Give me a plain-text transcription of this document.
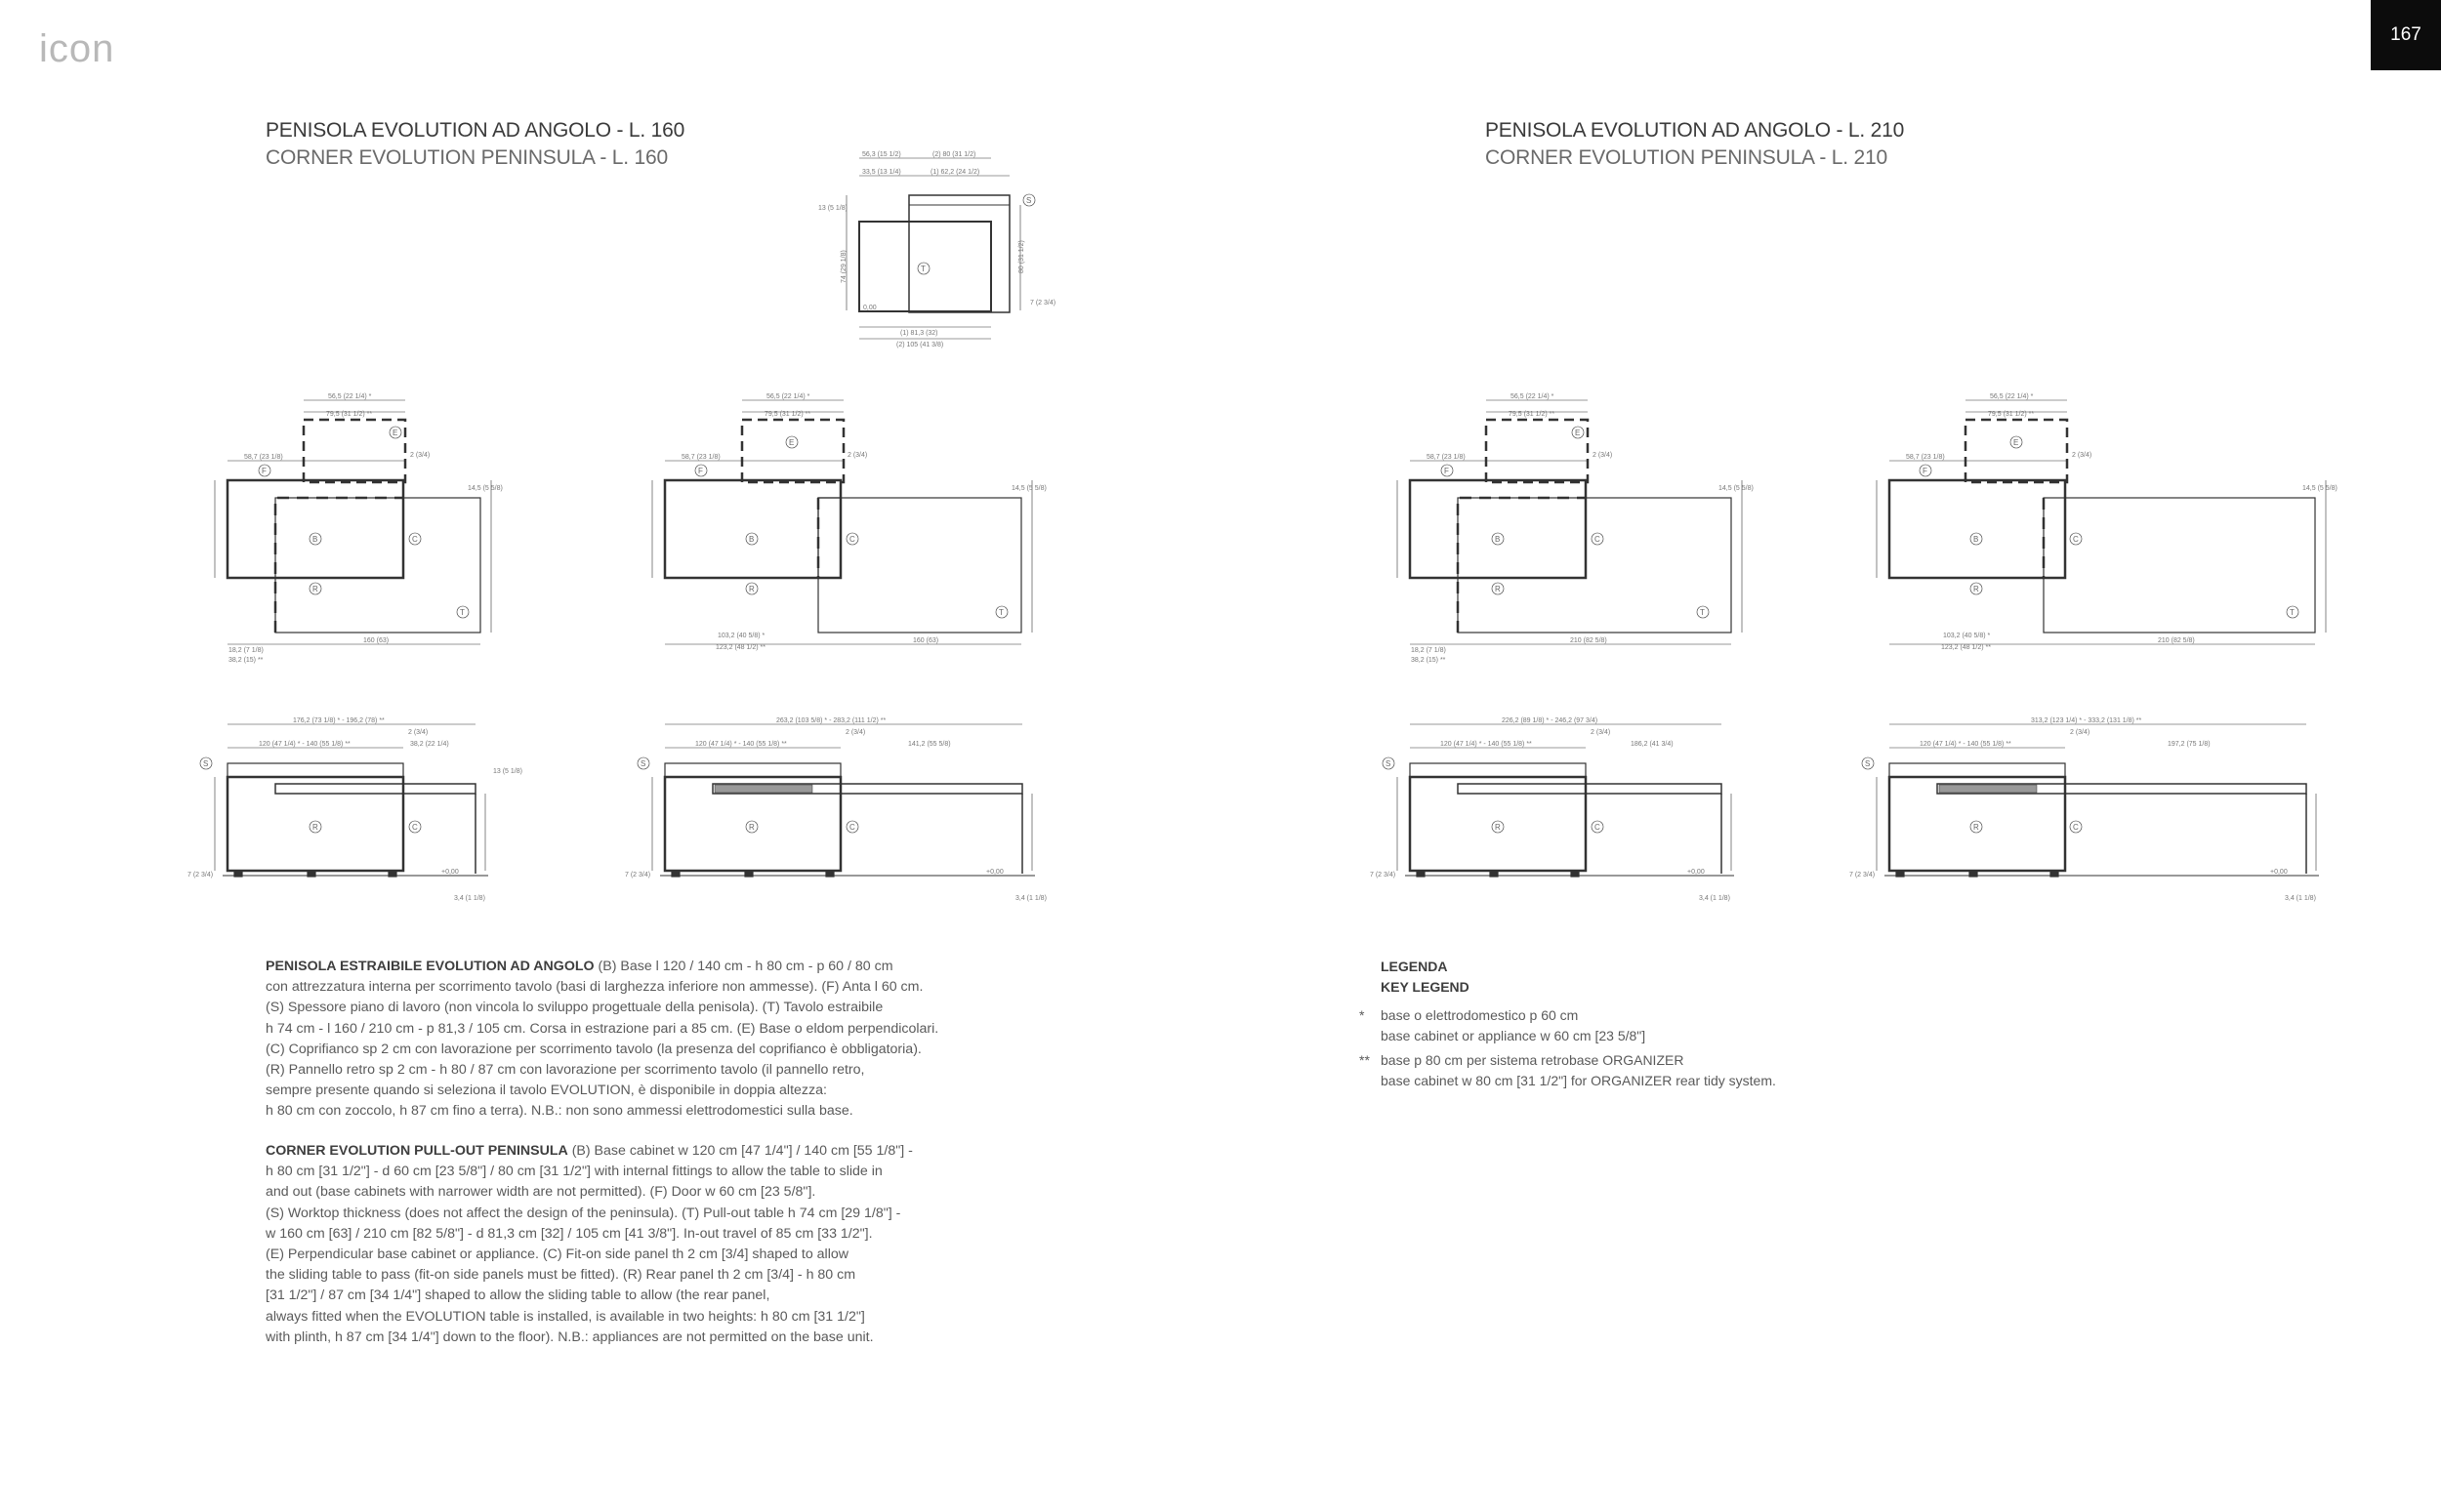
icon	167
PENISOLA EVOLUTION AD ANGOLO - L. 160
CORNER EVOLUTION PENINSULA - L. 160
PENISOLA EVOLUTION AD ANGOLO - L. 210
CORNER EVOLUTION PENINSULA - L. 210
56,3 (15 1/2)	(2) 80 (31 1/2)
33,5 (13 1/4)	(1) 62,2 (24 1/2)
13 (5 1/8)
7 (2 3/4)
(1) 81,3 (32)
(2) 105 (41 3/8)
0,00
74 (29 1/8)	80 (31 1/2)
T
S
E
F
B	C
R
T
E
F
B	C
R
T
E
F
B	C
R
T
E
F
B	C
R
T
56,5 (22 1/4) *
79,5 (31 1/2) **
58,7 (23 1/8)	2 (3/4)
14,5 (5 5/8)
18,2 (7 1/8)
38,2 (15) **
160 (63)
56,5 (22 1/4) *
79,5 (31 1/2) **
58,7 (23 1/8)	2 (3/4)
14,5 (5 5/8)
103,2 (40 5/8) *
123,2 (48 1/2) **
160 (63)
56,5 (22 1/4) *
79,5 (31 1/2) **
58,7 (23 1/8)	2 (3/4)
14,5 (5 5/8)
18,2 (7 1/8)
38,2 (15) **
210 (82 5/8)
56,5 (22 1/4) *
79,5 (31 1/2) **
58,7 (23 1/8)	2 (3/4)
14,5 (5 5/8)
103,2 (40 5/8) *
123,2 (48 1/2) **
210 (82 5/8)
S
R	C
S
R	C
S
R	C
S
R	C
176,2 (73 1/8) * - 196,2 (78) **
120 (47 1/4) * - 140 (55 1/8) **
2 (3/4)
38,2 (22 1/4)
13 (5 1/8)
+0,00
3,4 (1 1/8)
7 (2 3/4)
263,2 (103 5/8) * - 283,2 (111 1/2) **
120 (47 1/4) * - 140 (55 1/8) **
2 (3/4)
141,2 (55 5/8)
+0,00
3,4 (1 1/8)
7 (2 3/4)
226,2 (89 1/8) * - 246,2 (97 3/4)
120 (47 1/4) * - 140 (55 1/8) **
2 (3/4)
186,2 (41 3/4)
+0,00
3,4 (1 1/8)
7 (2 3/4)
313,2 (123 1/4) * - 333,2 (131 1/8) **
120 (47 1/4) * - 140 (55 1/8) **
2 (3/4)
197,2 (75 1/8)
+0,00
3,4 (1 1/8)
7 (2 3/4)

PENISOLA ESTRAIBILE EVOLUTION AD ANGOLO (B) Base l 120 / 140 cm - h 80 cm - p 60 / 80 cm

con attrezzatura interna per scorrimento tavolo (basi di larghezza inferiore non ammesse). (F) Anta l 60 cm.

(S) Spessore piano di lavoro (non vincola lo sviluppo progettuale della penisola). (T) Tavolo estraibile

h 74 cm - l 160 / 210 cm - p 81,3 / 105 cm. Corsa in estrazione pari a 85 cm. (E) Base o eldom perpendicolari.

(C) Coprifianco sp 2 cm con lavorazione per scorrimento tavolo (la presenza del coprifianco è obbligatoria).

(R) Pannello retro sp 2 cm - h 80 / 87 cm con lavorazione per scorrimento tavolo (il pannello retro,

sempre presente quando si seleziona il tavolo EVOLUTION, è disponibile in doppia altezza:

h 80 cm con zoccolo, h 87 cm fino a terra). N.B.: non sono ammessi elettrodomestici sulla base.

CORNER EVOLUTION PULL-OUT PENINSULA (B) Base cabinet w 120 cm [47 1/4"] / 140 cm [55 1/8"] -

h 80 cm [31 1/2"] - d 60 cm [23 5/8"] / 80 cm [31 1/2"] with internal fittings to allow the table to slide in

and out (base cabinets with narrower width are not permitted). (F) Door w 60 cm [23 5/8"].

(S) Worktop thickness (does not affect the design of the peninsula). (T) Pull-out table h 74 cm [29 1/8"] -

w 160 cm [63] / 210 cm [82 5/8"] - d 81,3 cm [32] / 105 cm [41 3/8"]. In-out travel of 85 cm [33 1/2"].

(E) Perpendicular base cabinet or appliance. (C) Fit-on side panel th 2 cm [3/4] shaped to allow

the sliding table to pass (fit-on side panels must be fitted). (R) Rear panel th 2 cm [3/4] - h 80 cm

[31 1/2"] / 87 cm [34 1/4"] shaped to allow the sliding table to allow (the rear panel,

always fitted when the EVOLUTION table is installed, is available in two heights: h 80 cm [31 1/2"]

with plinth, h 87 cm [34 1/4"] down to the floor). N.B.: appliances are not permitted on the base unit.

LEGENDA
KEY LEGEND
*	base o elettrodomestico p 60 cm
base cabinet or appliance w 60 cm [23 5/8"]
** base p 80 cm per sistema retrobase ORGANIZER
base cabinet w 80 cm [31 1/2"] for ORGANIZER rear tidy system.
